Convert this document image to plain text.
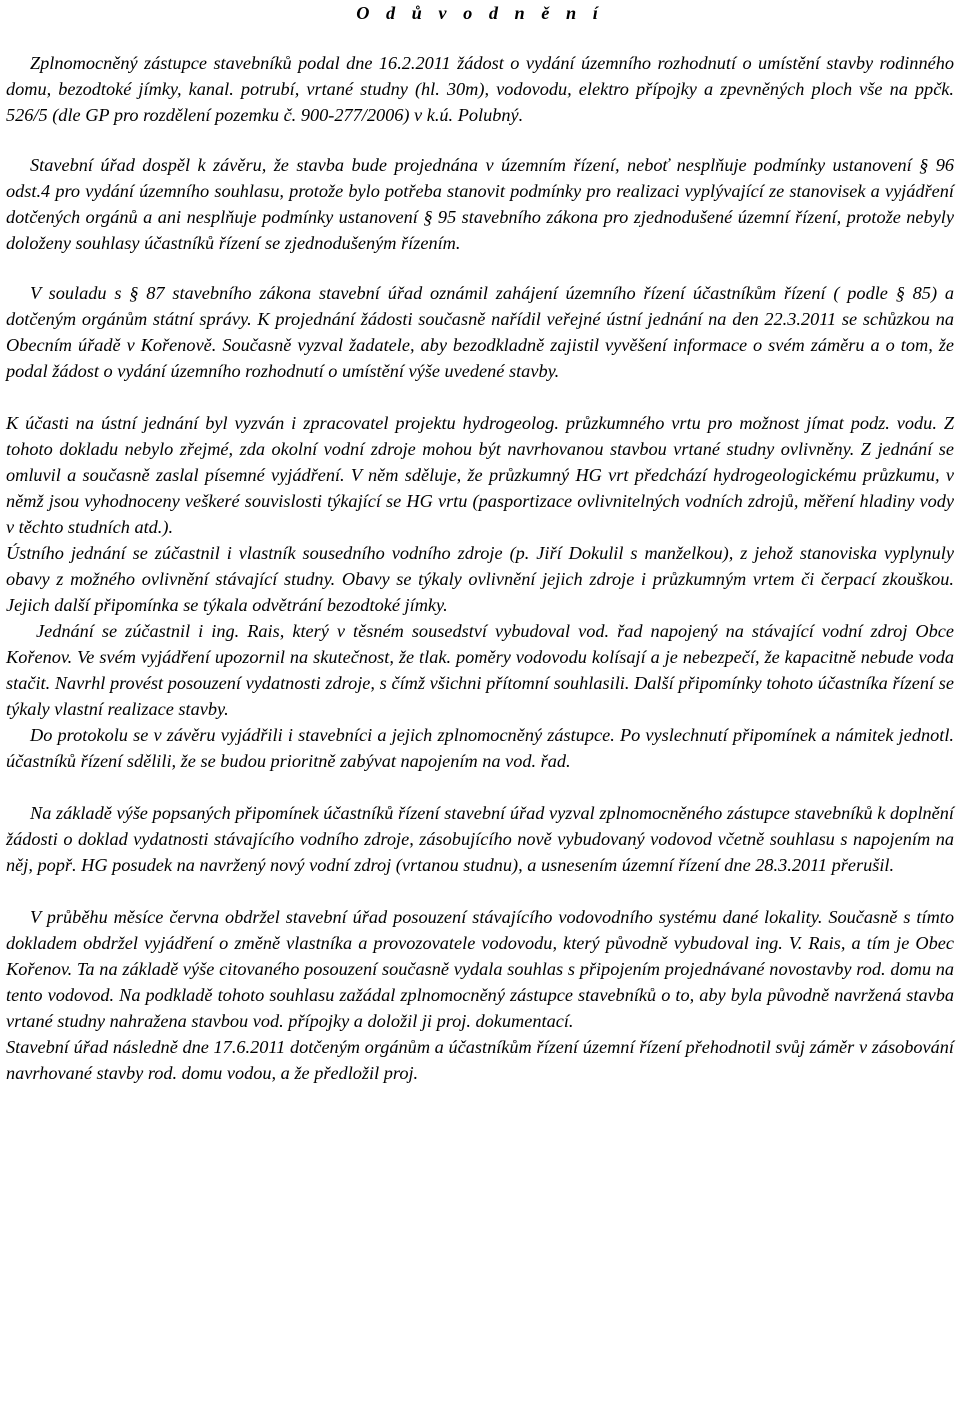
O d ů v o d n ě n í

Zplnomocněný zástupce stavebníků podal dne 16.2.2011 žádost o vydání územního rozhodnutí o umístění stavby rodinného domu, bezodtoké jímky, kanal. potrubí, vrtané studny (hl. 30m), vodovodu, elektro přípojky a zpevněných ploch vše na ppčk. 526/5 (dle GP pro rozdělení pozemku č. 900-277/2006) v k.ú. Polubný.

Stavební úřad dospěl k závěru, že stavba bude projednána v územním řízení, neboť nesplňuje podmínky ustanovení § 96 odst.4 pro vydání územního souhlasu, protože bylo potřeba stanovit podmínky pro realizaci vyplývající ze stanovisek a vyjádření dotčených orgánů a ani nesplňuje podmínky ustanovení § 95 stavebního zákona pro zjednodušené územní řízení, protože nebyly doloženy souhlasy účastníků řízení se zjednodušeným řízením.

V souladu s § 87 stavebního zákona stavební úřad oznámil zahájení územního řízení účastníkům řízení ( podle § 85) a dotčeným orgánům státní správy. K projednání žádosti současně nařídil veřejné ústní jednání na den 22.3.2011 se schůzkou na Obecním úřadě v Kořenově. Současně vyzval žadatele, aby bezodkladně zajistil vyvěšení informace o svém záměru a o tom, že podal žádost o vydání územního rozhodnutí o umístění výše uvedené stavby.

K účasti na ústní jednání byl vyzván i zpracovatel projektu hydrogeolog. průzkumného vrtu pro možnost jímat podz. vodu. Z tohoto dokladu nebylo zřejmé, zda okolní vodní zdroje mohou být navrhovanou stavbou vrtané studny ovlivněny. Z jednání se omluvil a současně zaslal písemné vyjádření. V něm sděluje, že průzkumný HG vrt předchází hydrogeologickému průzkumu, v němž jsou vyhodnoceny veškeré souvislosti týkající se HG vrtu (pasportizace ovlivnitelných vodních zdrojů, měření hladiny vody v těchto studních atd.).

Ústního jednání se zúčastnil i vlastník sousedního vodního zdroje (p. Jiří Dokulil s manželkou), z jehož stanoviska vyplynuly obavy z možného ovlivnění stávající studny. Obavy se týkaly ovlivnění jejich zdroje i průzkumným vrtem či čerpací zkouškou. Jejich další připomínka se týkala odvětrání bezodtoké jímky.

Jednání se zúčastnil i ing. Rais, který v těsném sousedství vybudoval vod. řad napojený na stávající vodní zdroj Obce Kořenov. Ve svém vyjádření upozornil na skutečnost, že tlak. poměry vodovodu kolísají a je nebezpečí, že kapacitně nebude voda stačit. Navrhl provést posouzení vydatnosti zdroje, s čímž všichni přítomní souhlasili. Další připomínky tohoto účastníka řízení se týkaly vlastní realizace stavby.

Do protokolu se v závěru vyjádřili i stavebníci a jejich zplnomocněný zástupce. Po vyslechnutí připomínek a námitek jednotl. účastníků řízení sdělili, že se budou prioritně zabývat napojením na vod. řad.

Na základě výše popsaných připomínek účastníků řízení stavební úřad vyzval zplnomocněného zástupce stavebníků k doplnění žádosti o doklad vydatnosti stávajícího vodního zdroje, zásobujícího nově vybudovaný vodovod včetně souhlasu s napojením na něj, popř. HG posudek na navržený nový vodní zdroj (vrtanou studnu), a usnesením územní řízení dne 28.3.2011 přerušil.

V průběhu měsíce června obdržel stavební úřad posouzení stávajícího vodovodního systému dané lokality. Současně s tímto dokladem obdržel vyjádření o změně vlastníka a provozovatele vodovodu, který původně vybudoval ing. V. Rais, a tím je Obec Kořenov. Ta na základě výše citovaného posouzení současně vydala souhlas s připojením projednávané novostavby rod. domu na tento vodovod. Na podkladě tohoto souhlasu zažádal zplnomocněný zástupce stavebníků o to, aby byla původně navržená stavba vrtané studny nahražena stavbou vod. přípojky a doložil ji proj. dokumentací.

Stavební úřad následně dne 17.6.2011 dotčeným orgánům a účastníkům řízení územní řízení přehodnotil svůj záměr v zásobování navrhované stavby rod. domu vodou, a že předložil proj.
